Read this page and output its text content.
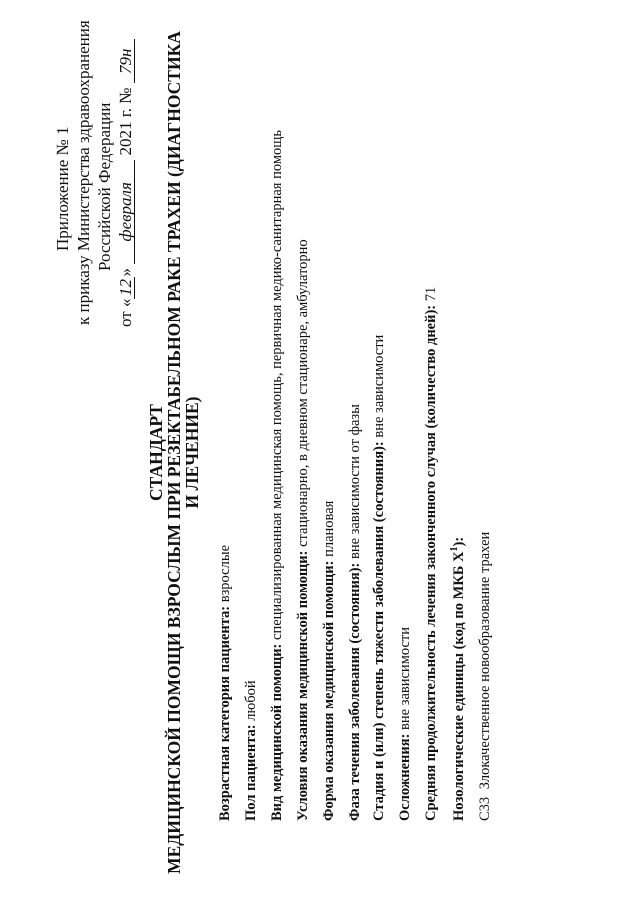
Приложение № 1 к приказу Министерства здравоохранения Российской Федерации
от «12» февраля 2021 г. № 79н
СТАНДАРТ
МЕДИЦИНСКОЙ ПОМОЩИ ВЗРОСЛЫМ ПРИ РЕЗЕКТАБЕЛЬНОМ РАКЕ ТРАХЕИ (ДИАГНОСТИКА
И ЛЕЧЕНИЕ)
Возрастная категория пациента: взрослые
Пол пациента: любой Вид медицинской помощи: специализированная медицинская помощь, первичная медико-санитарная помощь
Условия оказания медицинской помощи: стационарно, в дневном стационаре, амбулаторно
Форма оказания медицинской помощи: плановая
Фаза течения заболевания (состояния): вне зависимости от фазы Стадия и (или) степень тяжести заболевания (состояния): вне зависимости
Осложнения: вне зависимости Средняя продолжительность лечения законченного случая (количество дней): 71
Нозологические единицы (код по МКБ $X^1$):
C33 Злокачественное новообразование трахеи
